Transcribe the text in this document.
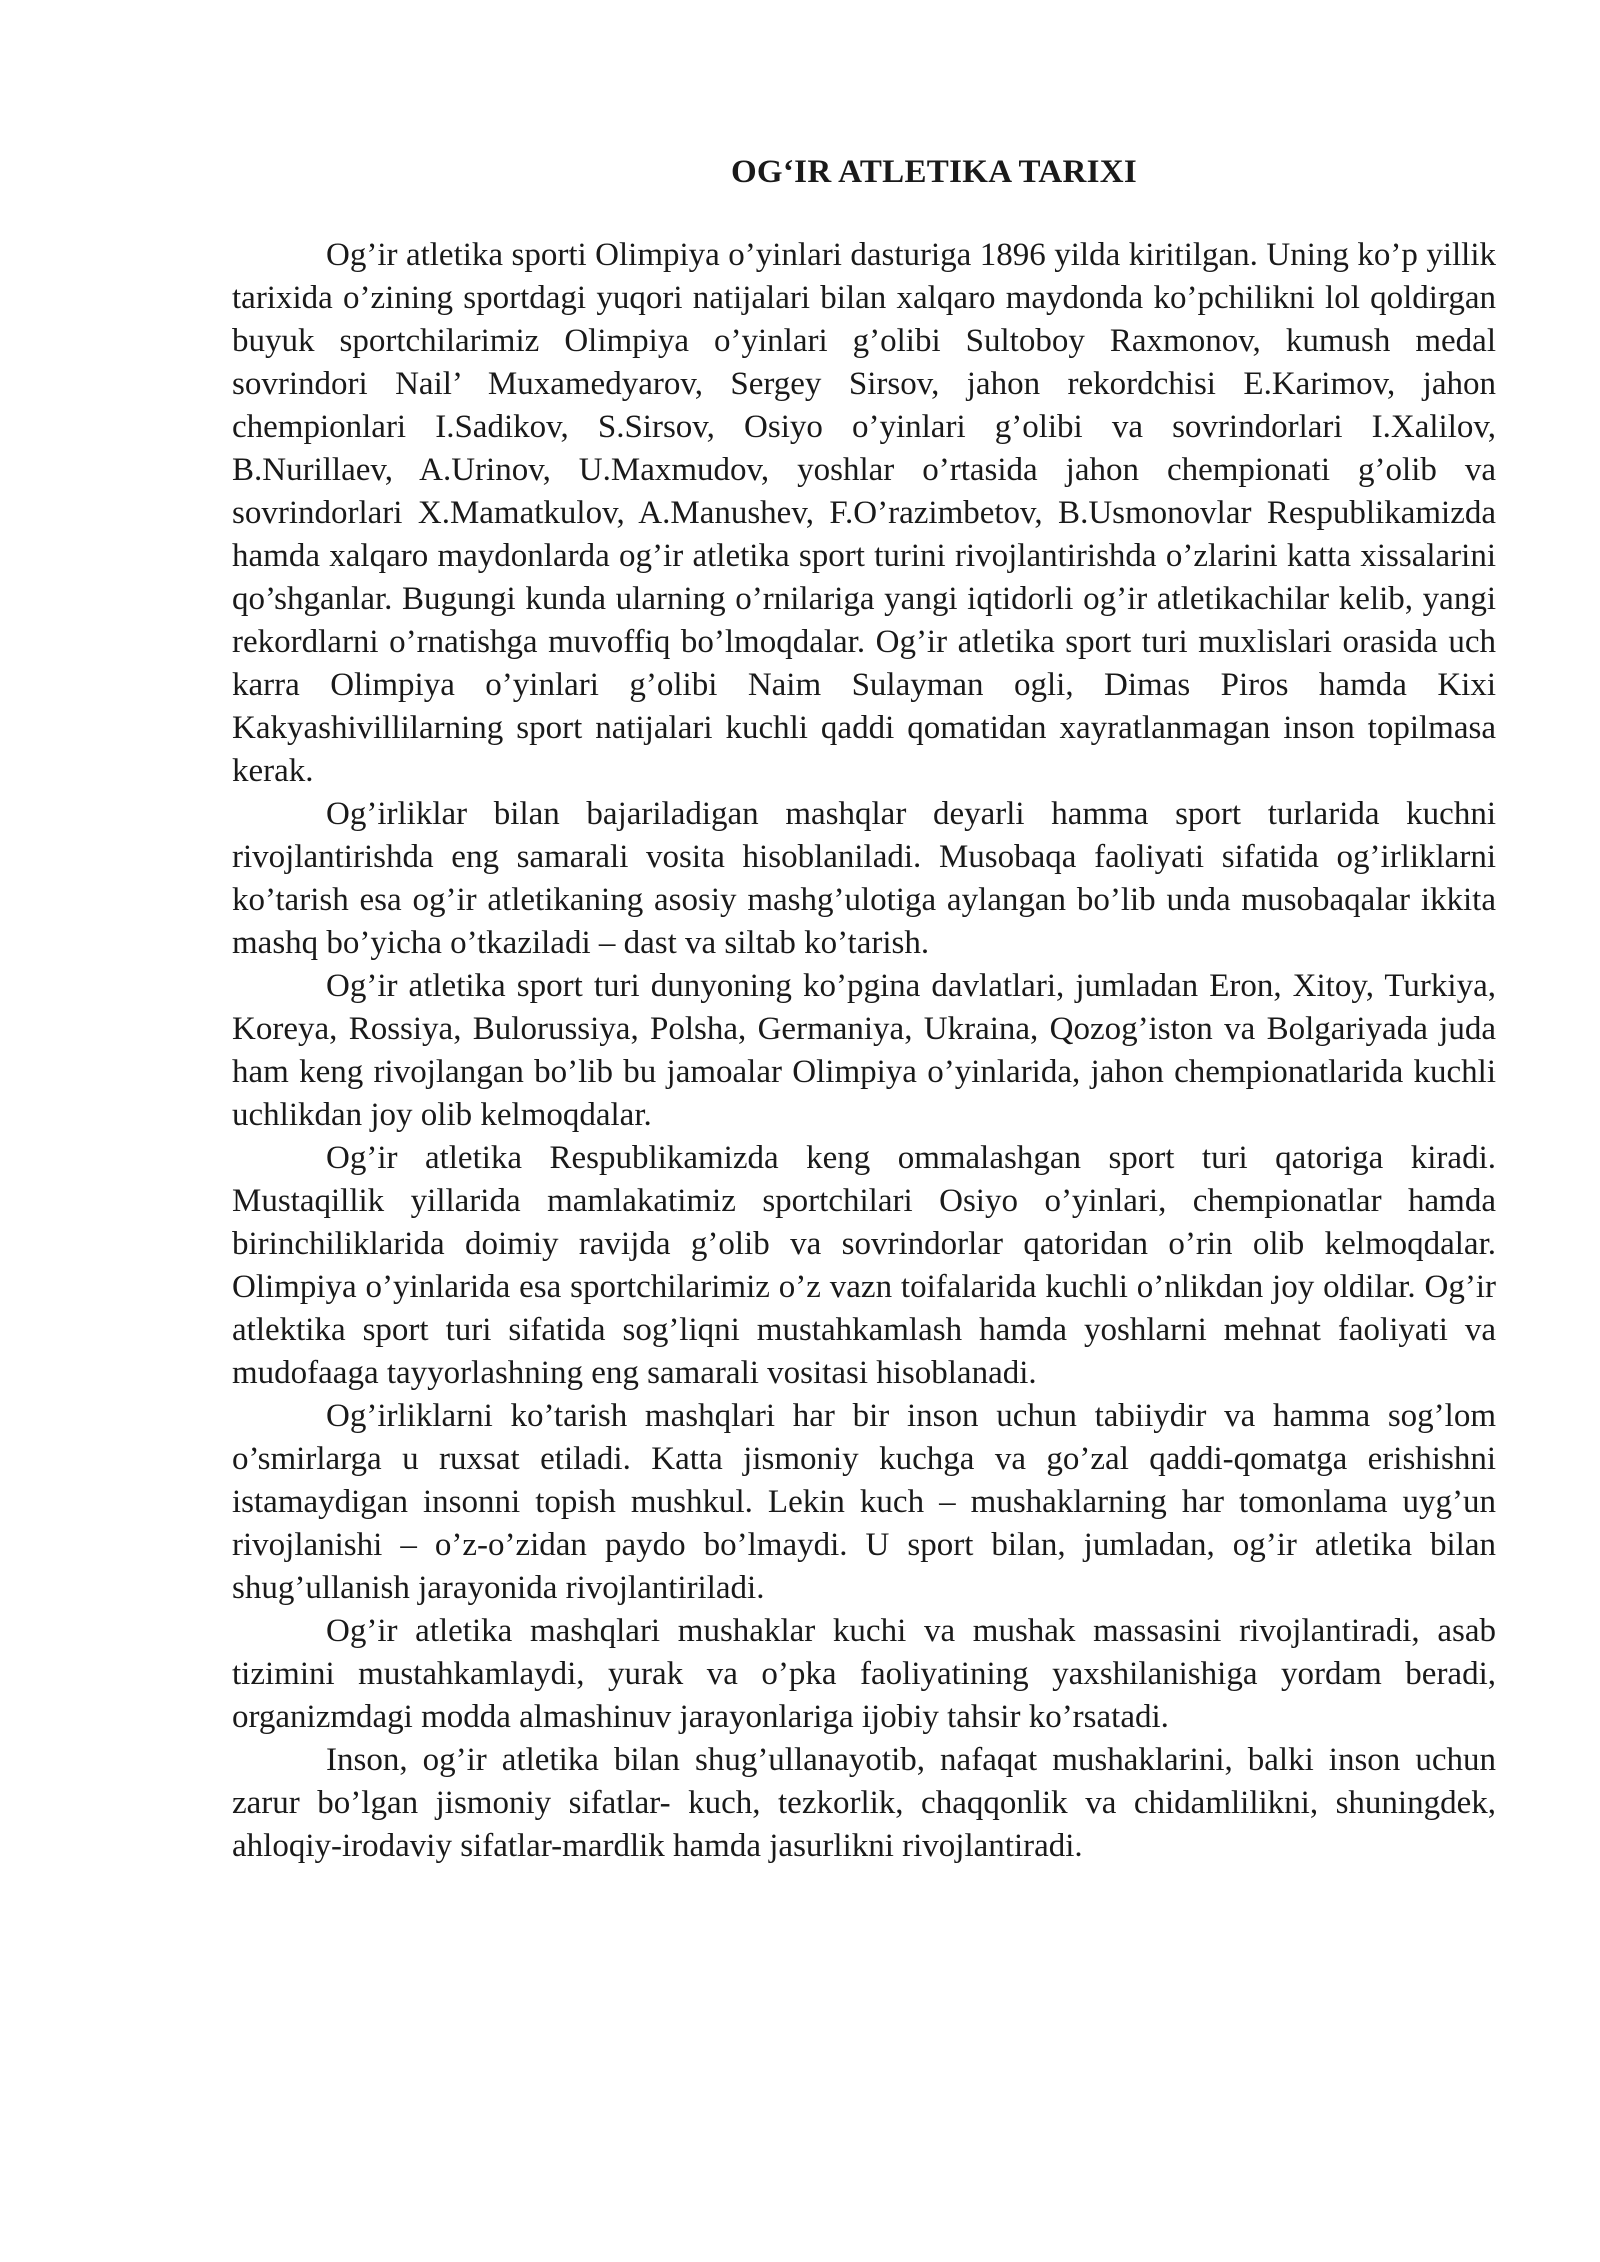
OG‘IR ATLETIKA TARIXI

Og’ir atletika sporti Olimpiya o’yinlari dasturiga 1896 yilda kiritilgan. Uning ko’p yillik tarixida o’zining sportdagi yuqori natijalari bilan xalqaro maydonda ko’pchilikni lol qoldirgan buyuk sportchilarimiz Olimpiya o’yinlari g’olibi Sultoboy Raxmonov, kumush medal sovrindori Nail’ Muxamedyarov, Sergey Sirsov, jahon rekordchisi E.Karimov, jahon chempionlari I.Sadikov, S.Sirsov, Osiyo o’yinlari g’olibi va sovrindorlari I.Xalilov, B.Nurillaev, A.Urinov, U.Maxmudov, yoshlar o’rtasida jahon chempionati g’olib va sovrindorlari X.Mamatkulov, A.Manushev, F.O’razimbetov, B.Usmonovlar Respublikamizda hamda xalqaro maydonlarda og’ir atletika sport turini rivojlantirishda o’zlarini katta xissalarini qo’shganlar. Bugungi kunda ularning o’rnilariga yangi iqtidorli og’ir atletikachilar kelib, yangi rekordlarni o’rnatishga muvoffiq bo’lmoqdalar. Og’ir atletika sport turi muxlislari orasida uch karra Olimpiya o’yinlari g’olibi Naim Sulayman ogli, Dimas Piros hamda Kixi Kakyashivillilarning sport natijalari kuchli qaddi qomatidan xayratlanmagan inson topilmasa kerak.

Og’irliklar bilan bajariladigan mashqlar deyarli hamma sport turlarida kuchni rivojlantirishda eng samarali vosita hisoblaniladi. Musobaqa faoliyati sifatida og’irliklarni ko’tarish esa og’ir atletikaning asosiy mashg’ulotiga aylangan bo’lib unda musobaqalar ikkita mashq bo’yicha o’tkaziladi – dast va siltab ko’tarish.

Og’ir atletika sport turi dunyoning ko’pgina davlatlari, jumladan Eron, Xitoy, Turkiya, Koreya, Rossiya, Bulorussiya, Polsha, Germaniya, Ukraina, Qozog’iston va Bolgariyada juda ham keng rivojlangan bo’lib bu jamoalar Olimpiya o’yinlarida, jahon chempionatlarida kuchli uchlikdan joy olib kelmoqdalar.

Og’ir atletika Respublikamizda keng ommalashgan sport turi qatoriga kiradi. Mustaqillik yillarida mamlakatimiz sportchilari Osiyo o’yinlari, chempionatlar hamda birinchiliklarida doimiy ravijda g’olib va sovrindorlar qatoridan o’rin olib kelmoqdalar. Olimpiya o’yinlarida esa sportchilarimiz o’z vazn toifalarida kuchli o’nlikdan joy oldilar. Og’ir atlektika sport turi sifatida sog’liqni mustahkamlash hamda yoshlarni mehnat faoliyati va mudofaaga tayyorlashning eng samarali vositasi hisoblanadi.

Og’irliklarni ko’tarish mashqlari har bir inson uchun tabiiydir va hamma sog’lom o’smirlarga u ruxsat etiladi. Katta jismoniy kuchga va go’zal qaddi-qomatga erishishni istamaydigan insonni topish mushkul. Lekin kuch – mushaklarning har tomonlama uyg’un rivojlanishi – o’z-o’zidan paydo bo’lmaydi. U sport bilan, jumladan, og’ir atletika bilan shug’ullanish jarayonida rivojlantiriladi.

Og’ir atletika mashqlari mushaklar kuchi va mushak massasini rivojlantiradi, asab tizimini mustahkamlaydi, yurak va o’pka faoliyatining yaxshilanishiga yordam beradi, organizmdagi modda almashinuv jarayonlariga ijobiy tahsir ko’rsatadi.

Inson, og’ir atletika bilan shug’ullanayotib, nafaqat mushaklarini, balki inson uchun zarur bo’lgan jismoniy sifatlar- kuch, tezkorlik, chaqqonlik va chidamlilikni, shuningdek, ahloqiy-irodaviy sifatlar-mardlik hamda jasurlikni rivojlantiradi.
